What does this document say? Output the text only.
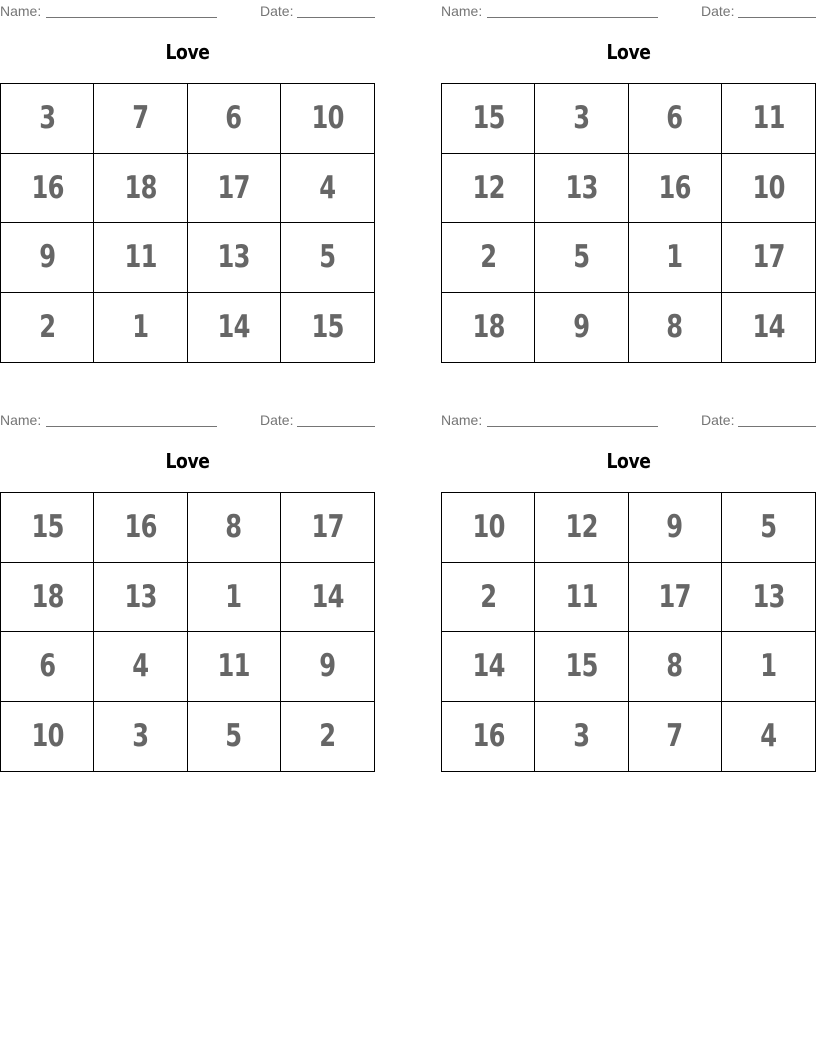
Name:	Date:
Love
3 7 6 10
16 18 17 4
9 11 13 5
2 1 14 15
Name:	Date:
Love
15 3 6 11
12 13 16 10
2 5 1 17
18 9 8 14
Name:	Date:
Love
15 16 8 17
18 13 1 14
6 4 11 9
10 3 5	2
Name:	Date:
Love
10 12 9	5
2 11 17 13
14 15 8	1
16 3 7	4
